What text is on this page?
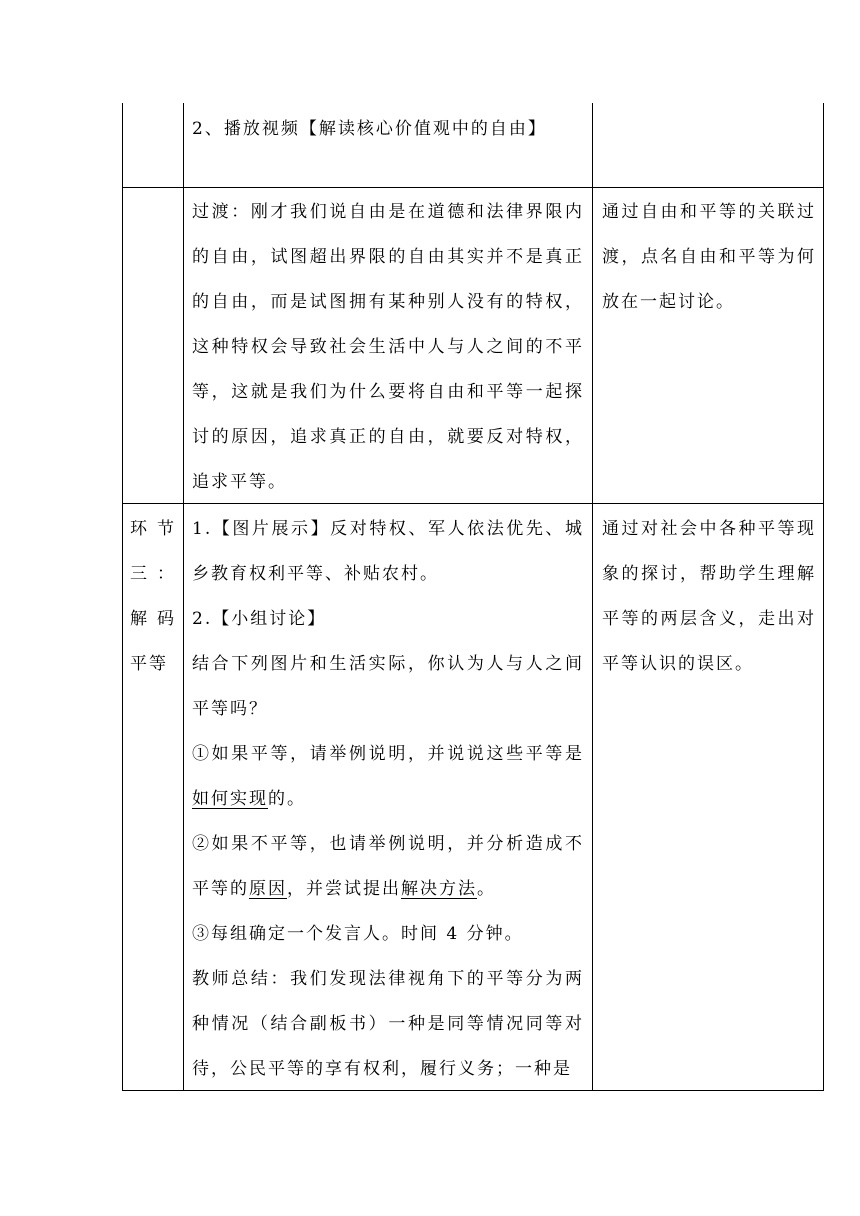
2、播放视频【解读核心价值观中的自由】

过渡：刚才我们说自由是在道德和法律界限内的自由，试图超出界限的自由其实并不是真正的自由，而是试图拥有某种别人没有的特权，这种特权会导致社会生活中人与人之间的不平等，这就是我们为什么要将自由和平等一起探讨的原因，追求真正的自由，就要反对特权，追求平等。

通过自由和平等的关联过渡，点名自由和平等为何放在一起讨论。

环节三：解码平等

1.【图片展示】反对特权、军人依法优先、城乡教育权利平等、补贴农村。

2.【小组讨论】

结合下列图片和生活实际，你认为人与人之间平等吗？

①如果平等，请举例说明，并说说这些平等是如何实现的。

②如果不平等，也请举例说明，并分析造成不平等的原因，并尝试提出解决方法。

③每组确定一个发言人。时间 4 分钟。

教师总结：我们发现法律视角下的平等分为两种情况（结合副板书）一种是同等情况同等对待，公民平等的享有权利，履行义务；一种是

通过对社会中各种平等现象的探讨，帮助学生理解平等的两层含义，走出对平等认识的误区。
